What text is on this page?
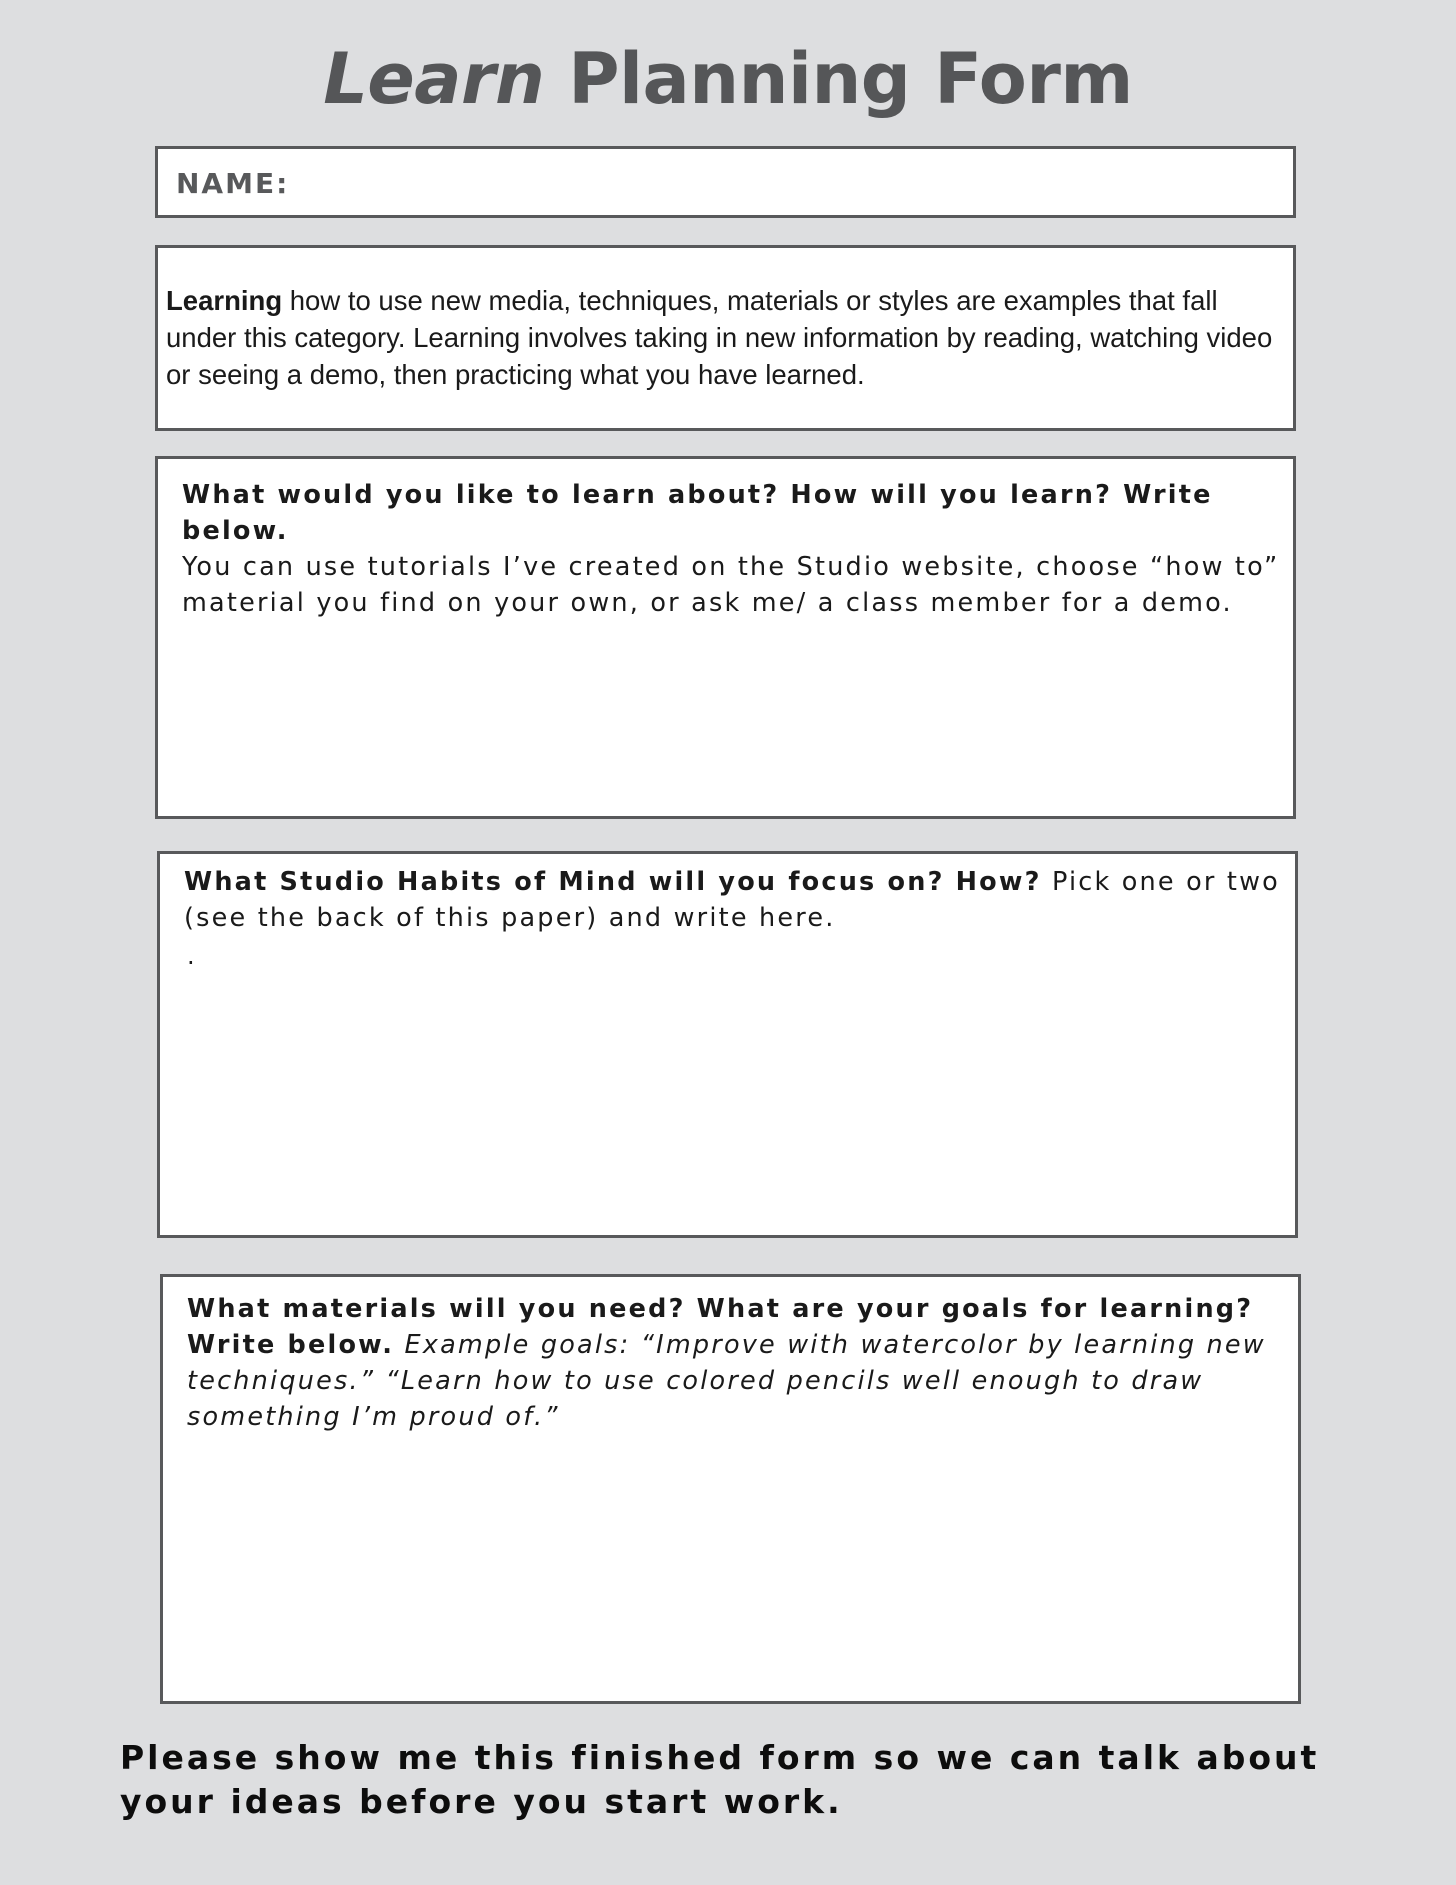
Learn Planning Form
NAME:
Learning how to use new media, techniques, materials or styles are examples that fall under this category. Learning involves taking in new information by reading, watching video or seeing a demo, then practicing what you have learned.
What would you like to learn about? How will you learn? Write below.
You can use tutorials I’ve created on the Studio website, choose “how to” material you find on your own, or ask me/ a class member for a demo.
What Studio Habits of Mind will you focus on? How? Pick one or two (see the back of this paper) and write here.
.
What materials will you need? What are your goals for learning? Write below. Example goals: “Improve with watercolor by learning new techniques.” “Learn how to use colored pencils well enough to draw something I’m proud of.”
Please show me this finished form so we can talk about your ideas before you start work.
